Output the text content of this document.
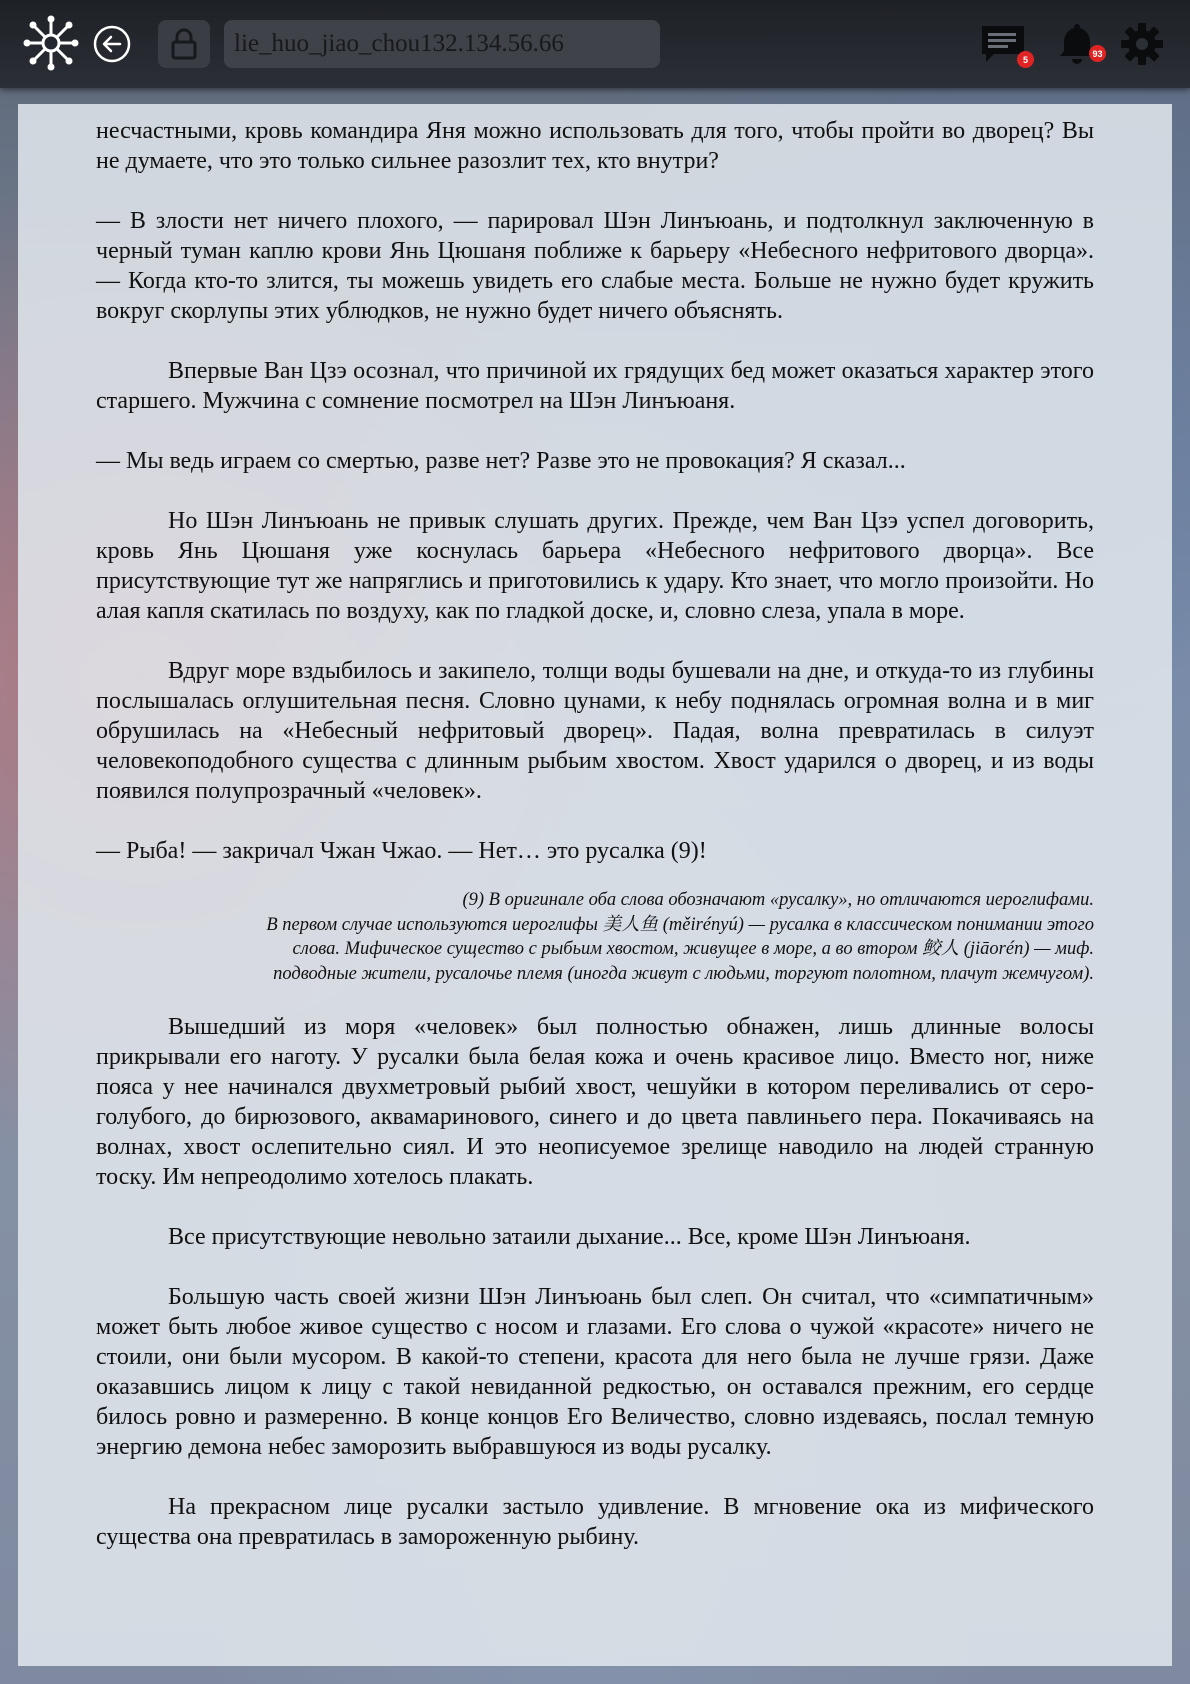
lie_huo_jiao_chou132.134.56.66
5
93

несчастными, кровь командира Яня можно использовать для того, чтобы пройти во дворец? Вы не думаете, что это только сильнее разозлит тех, кто внутри?

— В злости нет ничего плохого, — парировал Шэн Линъюань, и подтолкнул заключенную в черный туман каплю крови Янь Цюшаня поближе к барьеру «Небесного нефритового дворца». — Когда кто-то злится, ты можешь увидеть его слабые места. Больше не нужно будет кружить вокруг скорлупы этих ублюдков, не нужно будет ничего объяснять.

Впервые Ван Цзэ осознал, что причиной их грядущих бед может оказаться характер этого старшего. Мужчина с сомнение посмотрел на Шэн Линъюаня.

— Мы ведь играем со смертью, разве нет? Разве это не провокация? Я сказал...

Но Шэн Линъюань не привык слушать других. Прежде, чем Ван Цзэ успел договорить, кровь Янь Цюшаня уже коснулась барьера «Небесного нефритового дворца». Все присутствующие тут же напряглись и приготовились к удару. Кто знает, что могло произойти. Но алая капля скатилась по воздуху, как по гладкой доске, и, словно слеза, упала в море.

Вдруг море вздыбилось и закипело, толщи воды бушевали на дне, и откуда-то из глубины послышалась оглушительная песня. Словно цунами, к небу поднялась огромная волна и в миг обрушилась на «Небесный нефритовый дворец». Падая, волна превратилась в силуэт человекоподобного существа с длинным рыбьим хвостом. Хвост ударился о дворец, и из воды появился полупрозрачный «человек».

— Рыба! — закричал Чжан Чжао. — Нет… это русалка (9)!

(9) В оригинале оба слова обозначают «русалку», но отличаются иероглифами.
В первом случае используются иероглифы 美人鱼 (měirényú) — русалка в классическом понимании этого
слова. Мифическое существо с рыбьим хвостом, живущее в море, а во втором 鲛人 (jiāorén) — миф.
подводные жители, русалочье племя (иногда живут с людьми, торгуют полотном, плачут жемчугом).

Вышедший из моря «человек» был полностью обнажен, лишь длинные волосы прикрывали его наготу. У русалки была белая кожа и очень красивое лицо. Вместо ног, ниже пояса у нее начинался двухметровый рыбий хвост, чешуйки в котором переливались от серо-голубого, до бирюзового, аквамаринового, синего и до цвета павлиньего пера. Покачиваясь на волнах, хвост ослепительно сиял. И это неописуемое зрелище наводило на людей странную тоску. Им непреодолимо хотелось плакать.

Все присутствующие невольно затаили дыхание... Все, кроме Шэн Линъюаня.

Большую часть своей жизни Шэн Линъюань был слеп. Он считал, что «симпатичным» может быть любое живое существо с носом и глазами. Его слова о чужой «красоте» ничего не стоили, они были мусором. В какой-то степени, красота для него была не лучше грязи. Даже оказавшись лицом к лицу с такой невиданной редкостью, он оставался прежним, его сердце билось ровно и размеренно. В конце концов Его Величество, словно издеваясь, послал темную энергию демона небес заморозить выбравшуюся из воды русалку.

На прекрасном лице русалки застыло удивление. В мгновение ока из мифического существа она превратилась в замороженную рыбину.
